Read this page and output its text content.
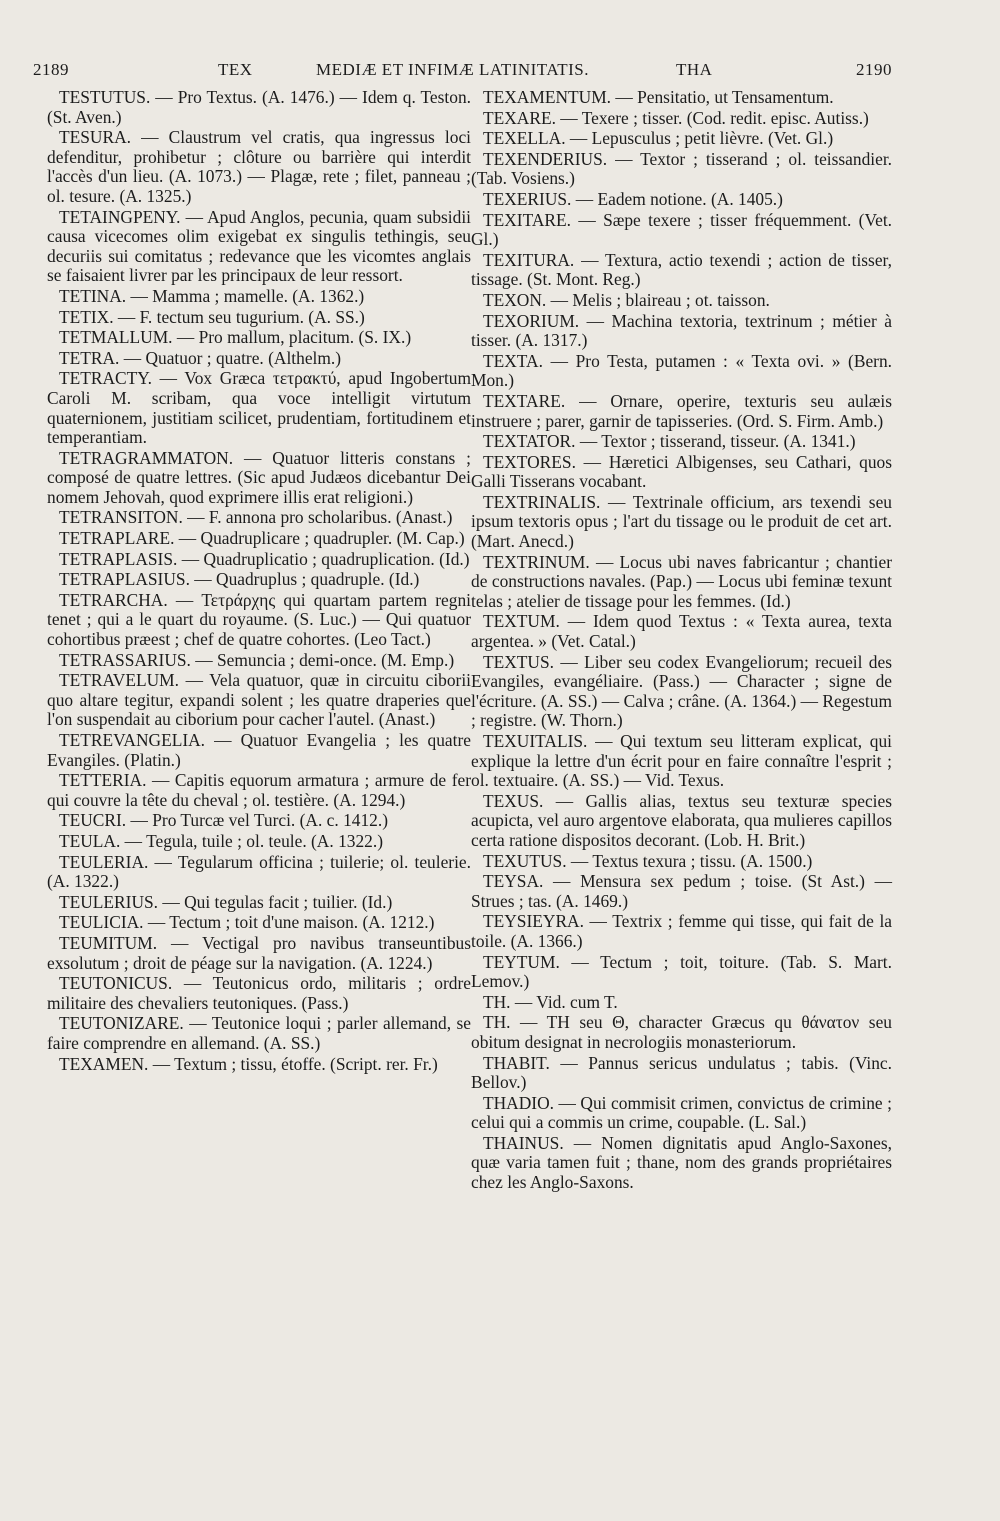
2189	TEX	MEDIÆ ET INFIMÆ LATINITATIS.	THA	2190

TESTUTUS. — Pro Textus. (A. 1476.) — Idem q. Teston. (St. Aven.)

TESURA. — Claustrum vel cratis, qua ingressus loci defenditur, prohibetur ; clôture ou barrière qui interdit l'accès d'un lieu. (A. 1073.) — Plagæ, rete ; filet, panneau ; ol. tesure. (A. 1325.)

TETAINGPENY. — Apud Anglos, pecunia, quam subsidii causa vicecomes olim exigebat ex singulis tethingis, seu decuriis sui comitatus ; redevance que les vicomtes anglais se faisaient livrer par les principaux de leur ressort.

TETINA. — Mamma ; mamelle. (A. 1362.)

TETIX. — F. tectum seu tugurium. (A. SS.)

TETMALLUM. — Pro mallum, placitum. (S. IX.)

TETRA. — Quatuor ; quatre. (Althelm.)

TETRACTY. — Vox Græca τετρακτύ, apud Ingobertum Caroli M. scribam, qua voce intelligit virtutum quaternionem, justitiam scilicet, prudentiam, fortitudinem et temperantiam.

TETRAGRAMMATON. — Quatuor litteris constans ; composé de quatre lettres. (Sic apud Judæos dicebantur Dei nomem Jehovah, quod exprimere illis erat religioni.)

TETRANSITON. — F. annona pro scholaribus. (Anast.)

TETRAPLARE. — Quadruplicare ; quadrupler. (M. Cap.)

TETRAPLASIS. — Quadruplicatio ; quadruplication. (Id.)

TETRAPLASIUS. — Quadruplus ; quadruple. (Id.)

TETRARCHA. — Τετράρχης qui quartam partem regni tenet ; qui a le quart du royaume. (S. Luc.) — Qui quatuor cohortibus præest ; chef de quatre cohortes. (Leo Tact.)

TETRASSARIUS. — Semuncia ; demi-once. (M. Emp.)

TETRAVELUM. — Vela quatuor, quæ in circuitu ciborii quo altare tegitur, expandi solent ; les quatre draperies que l'on suspendait au ciborium pour cacher l'autel. (Anast.)

TETREVANGELIA. — Quatuor Evangelia ; les quatre Evangiles. (Platin.)

TETTERIA. — Capitis equorum armatura ; armure de fer qui couvre la tête du cheval ; ol. testière. (A. 1294.)

TEUCRI. — Pro Turcæ vel Turci. (A. c. 1412.)

TEULA. — Tegula, tuile ; ol. teule. (A. 1322.)

TEULERIA. — Tegularum officina ; tuilerie; ol. teulerie. (A. 1322.)

TEULERIUS. — Qui tegulas facit ; tuilier. (Id.)

TEULICIA. — Tectum ; toit d'une maison. (A. 1212.)

TEUMITUM. — Vectigal pro navibus transeuntibus exsolutum ; droit de péage sur la navigation. (A. 1224.)

TEUTONICUS. — Teutonicus ordo, militaris ; ordre militaire des chevaliers teutoniques. (Pass.)

TEUTONIZARE. — Teutonice loqui ; parler allemand, se faire comprendre en allemand. (A. SS.)

TEXAMEN. — Textum ; tissu, étoffe. (Script. rer. Fr.)

TEXAMENTUM. — Pensitatio, ut Tensamentum.

TEXARE. — Texere ; tisser. (Cod. redit. episc. Autiss.)

TEXELLA. — Lepusculus ; petit lièvre. (Vet. Gl.)

TEXENDERIUS. — Textor ; tisserand ; ol. teissandier. (Tab. Vosiens.)

TEXERIUS. — Eadem notione. (A. 1405.)

TEXITARE. — Sæpe texere ; tisser fréquemment. (Vet. Gl.)

TEXITURA. — Textura, actio texendi ; action de tisser, tissage. (St. Mont. Reg.)

TEXON. — Melis ; blaireau ; ot. taisson.

TEXORIUM. — Machina textoria, textrinum ; métier à tisser. (A. 1317.)

TEXTA. — Pro Testa, putamen : « Texta ovi. » (Bern. Mon.)

TEXTARE. — Ornare, operire, texturis seu aulæis instruere ; parer, garnir de tapisseries. (Ord. S. Firm. Amb.)

TEXTATOR. — Textor ; tisserand, tisseur. (A. 1341.)

TEXTORES. — Hæretici Albigenses, seu Cathari, quos Galli Tisserans vocabant.

TEXTRINALIS. — Textrinale officium, ars texendi seu ipsum textoris opus ; l'art du tissage ou le produit de cet art. (Mart. Anecd.)

TEXTRINUM. — Locus ubi naves fabricantur ; chantier de constructions navales. (Pap.) — Locus ubi feminæ texunt telas ; atelier de tissage pour les femmes. (Id.)

TEXTUM. — Idem quod Textus : « Texta aurea, texta argentea. » (Vet. Catal.)

TEXTUS. — Liber seu codex Evangeliorum; recueil des Evangiles, evangéliaire. (Pass.) — Character ; signe de l'écriture. (A. SS.) — Calva ; crâne. (A. 1364.) — Regestum ; registre. (W. Thorn.)

TEXUITALIS. — Qui textum seu litteram explicat, qui explique la lettre d'un écrit pour en faire connaître l'esprit ; ol. textuaire. (A. SS.) — Vid. Texus.

TEXUS. — Gallis alias, textus seu texturæ species acupicta, vel auro argentove elaborata, qua mulieres capillos certa ratione dispositos decorant. (Lob. H. Brit.)

TEXUTUS. — Textus texura ; tissu. (A. 1500.)

TEYSA. — Mensura sex pedum ; toise. (St Ast.) — Strues ; tas. (A. 1469.)

TEYSIEYRA. — Textrix ; femme qui tisse, qui fait de la toile. (A. 1366.)

TEYTUM. — Tectum ; toit, toiture. (Tab. S. Mart. Lemov.)

TH. — Vid. cum T.

TH. — TH seu Θ, character Græcus qu θάνατον seu obitum designat in necrologiis monasteriorum.

THABIT. — Pannus sericus undulatus ; tabis. (Vinc. Bellov.)

THADIO. — Qui commisit crimen, convictus de crimine ; celui qui a commis un crime, coupable. (L. Sal.)

THAINUS. — Nomen dignitatis apud Anglo-Saxones, quæ varia tamen fuit ; thane, nom des grands propriétaires chez les Anglo-Saxons.
